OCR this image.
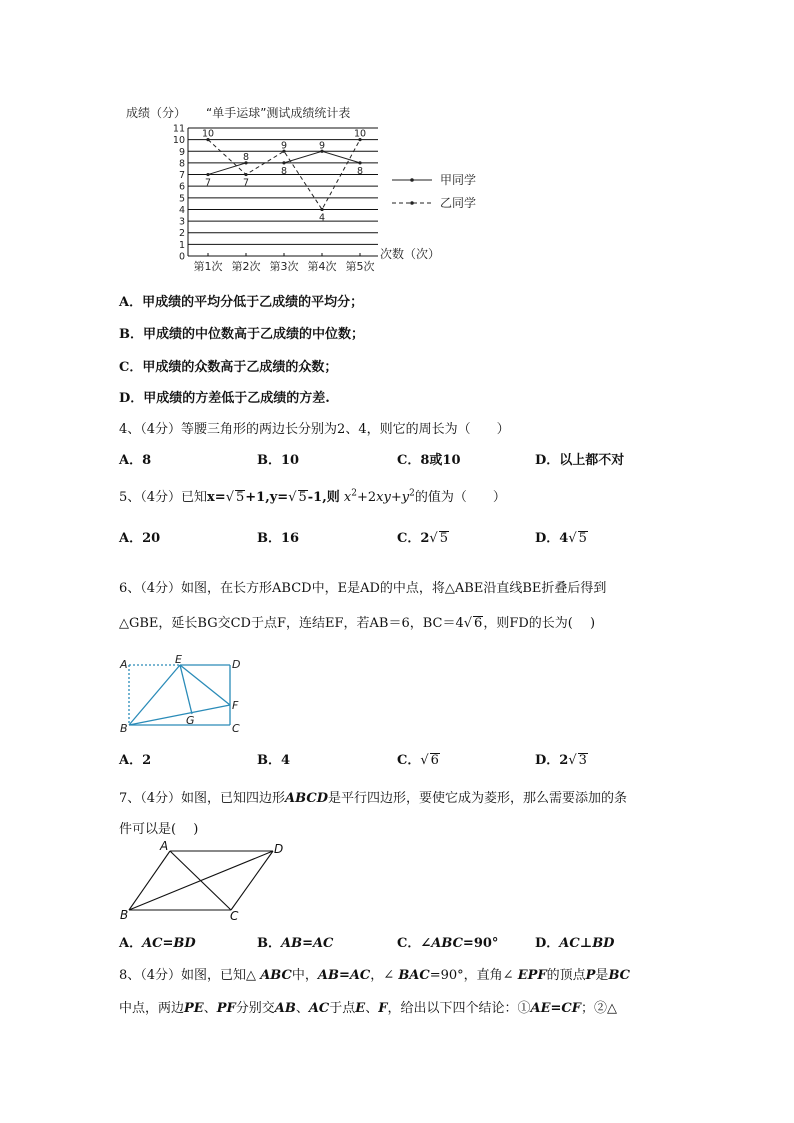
成绩（分） “单手运球”测试成绩统计表
0
1
2
3
4
5
6
7
8
9
10
11
第1次 第2次 第3次 第4次 第5次
7
8
9
8
10
7
9
4
10
8
次数（次）
甲同学
乙同学
A．甲成绩的平均分低于乙成绩的平均分；
B．甲成绩的中位数高于乙成绩的中位数；
C．甲成绩的众数高于乙成绩的众数；
D．甲成绩的方差低于乙成绩的方差.
4、（4分）等腰三角形的两边长分别为2、4，则它的周长为（　　）
A．8	B．10	C．8或10	D．以上都不对
5、（4分）已知x=√ 5+1,y=√ 5-1,则 $x^2+2xy+y^2$的值为（　　）
A．20	B．16	C．2√ 5	D．4√ 5
6、（4分）如图，在长方形ABCD中，E是AD的中点，将△ABE沿直线BE折叠后得到
△GBE，延长BG交CD于点F，连结EF，若AB＝6，BC＝4√ 6，则FD的长为(　 )
A	E	D
B
G
F
C
A．2	B．4	C．√ 6	D．2√ 3
7、（4分）如图，已知四边形ABCD是平行四边形，要使它成为菱形，那么需要添加的条
件可以是(　 )
A	D
B	C
A．AC=BD	B．AB=AC	C．∠ABC=90°	D．AC⊥BD
8、（4分）如图，已知△ ABC中，AB=AC，∠ BAC=90°，直角∠ EPF的顶点P是BC
中点，两边PE、PF分别交AB、AC于点E、F，给出以下四个结论：①AE=CF；②△
